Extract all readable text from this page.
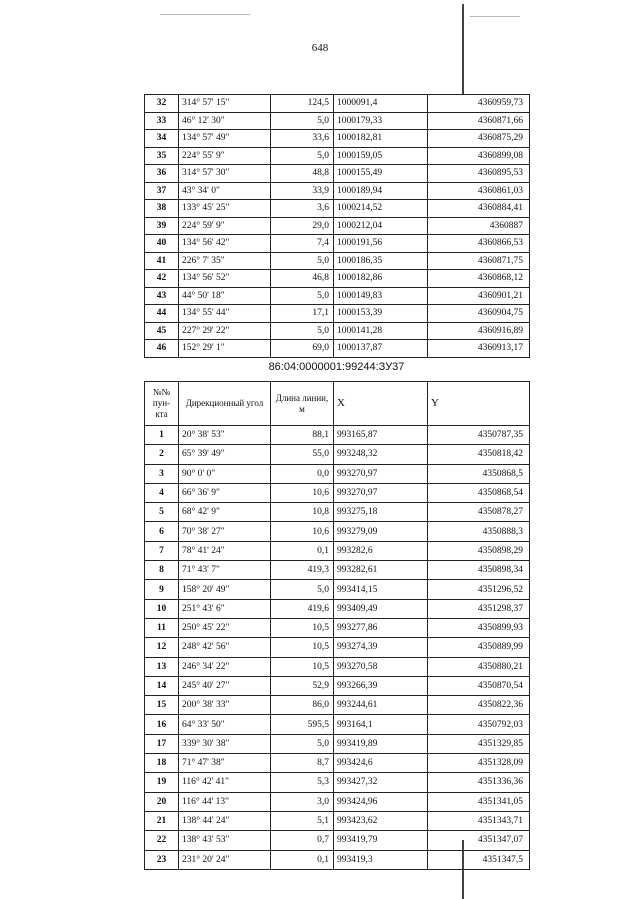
648
32	314° 57' 15"	124,5	1000091,4	4360959,73
33	46° 12' 30"	5,0	1000179,33	4360871,66
34	134° 57' 49"	33,6	1000182,81	4360875,29
35	224° 55' 9"	5,0	1000159,05	4360899,08
36	314° 57' 30"	48,8	1000155,49	4360895,53
37	43° 34' 0"	33,9	1000189,94	4360861,03
38	133° 45' 25"	3,6	1000214,52	4360884,41
39	224° 59' 9"	29,0	1000212,04	4360887
40	134° 56' 42"	7,4	1000191,56	4360866,53
41	226° 7' 35"	5,0	1000186,35	4360871,75
42	134° 56' 52"	46,8	1000182,86	4360868,12
43	44° 50' 18"	5,0	1000149,83	4360901,21
44	134° 55' 44"	17,1	1000153,39	4360904,75
45	227° 29' 22"	5,0	1000141,28	4360916,89
46	152° 29' 1"	69,0	1000137,87	4360913,17
86:04:0000001:99244:ЗУ37
№№ пун-кта	Дирекционный угол	Длина линии, м	X	Y
1	20° 38' 53"	88,1	993165,87	4350787,35
2	65° 39' 49"	55,0	993248,32	4350818,42
3	90° 0' 0"	0,0	993270,97	4350868,5
4	66° 36' 9"	10,6	993270,97	4350868,54
5	68° 42' 9"	10,8	993275,18	4350878,27
6	70° 38' 27"	10,6	993279,09	4350888,3
7	78° 41' 24"	0,1	993282,6	4350898,29
8	71° 43' 7"	419,3	993282,61	4350898,34
9	158° 20' 49"	5,0	993414,15	4351296,52
10	251° 43' 6"	419,6	993409,49	4351298,37
11	250° 45' 22"	10,5	993277,86	4350899,93
12	248° 42' 56"	10,5	993274,39	4350889,99
13	246° 34' 22"	10,5	993270,58	4350880,21
14	245° 40' 27"	52,9	993266,39	4350870,54
15	200° 38' 33"	86,0	993244,61	4350822,36
16	64° 33' 50"	595,5	993164,1	4350792,03
17	339° 30' 38"	5,0	993419,89	4351329,85
18	71° 47' 38"	8,7	993424,6	4351328,09
19	116° 42' 41"	5,3	993427,32	4351336,36
20	116° 44' 13"	3,0	993424,96	4351341,05
21	138° 44' 24"	5,1	993423,62	4351343,71
22	138° 43' 53"	0,7	993419,79	4351347,07
23	231° 20' 24"	0,1	993419,3	4351347,5
